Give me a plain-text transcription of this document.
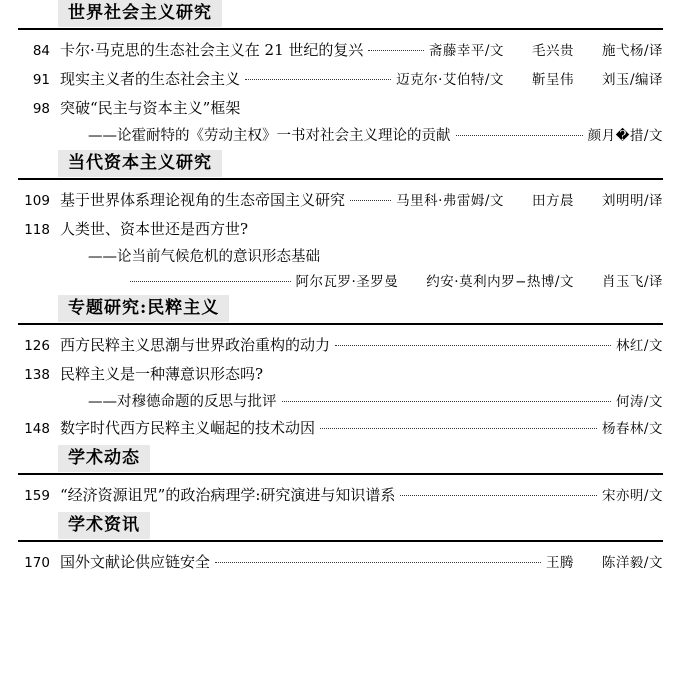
世界社会主义研究
84 卡尔·马克思的生态社会主义在 21 世纪的复兴	斋藤幸平/文　　毛兴贵　　施弋杨/译
91 现实主义者的生态社会主义	迈克尔·艾伯特/文　　靳呈伟　　刘玉/编译
98 突破“民主与资本主义”框架
——论霍耐特的《劳动主权》一书对社会主义理论的贡献	颜月�措/文
当代资本主义研究
109 基于世界体系理论视角的生态帝国主义研究	马里科·弗雷姆/文　　田方晨　　刘明明/译
118 人类世、资本世还是西方世?
——论当前气候危机的意识形态基础
阿尔瓦罗·圣罗曼　　约安·莫利内罗−热博/文　　肖玉飞/译
专题研究:民粹主义
126 西方民粹主义思潮与世界政治重构的动力	林红/文
138 民粹主义是一种薄意识形态吗?
——对穆德命题的反思与批评	何涛/文
148 数字时代西方民粹主义崛起的技术动因	杨春林/文
学术动态
159 “经济资源诅咒”的政治病理学:研究演进与知识谱系	宋亦明/文
学术资讯
170 国外文献论供应链安全	王腾　　陈洋毅/文
